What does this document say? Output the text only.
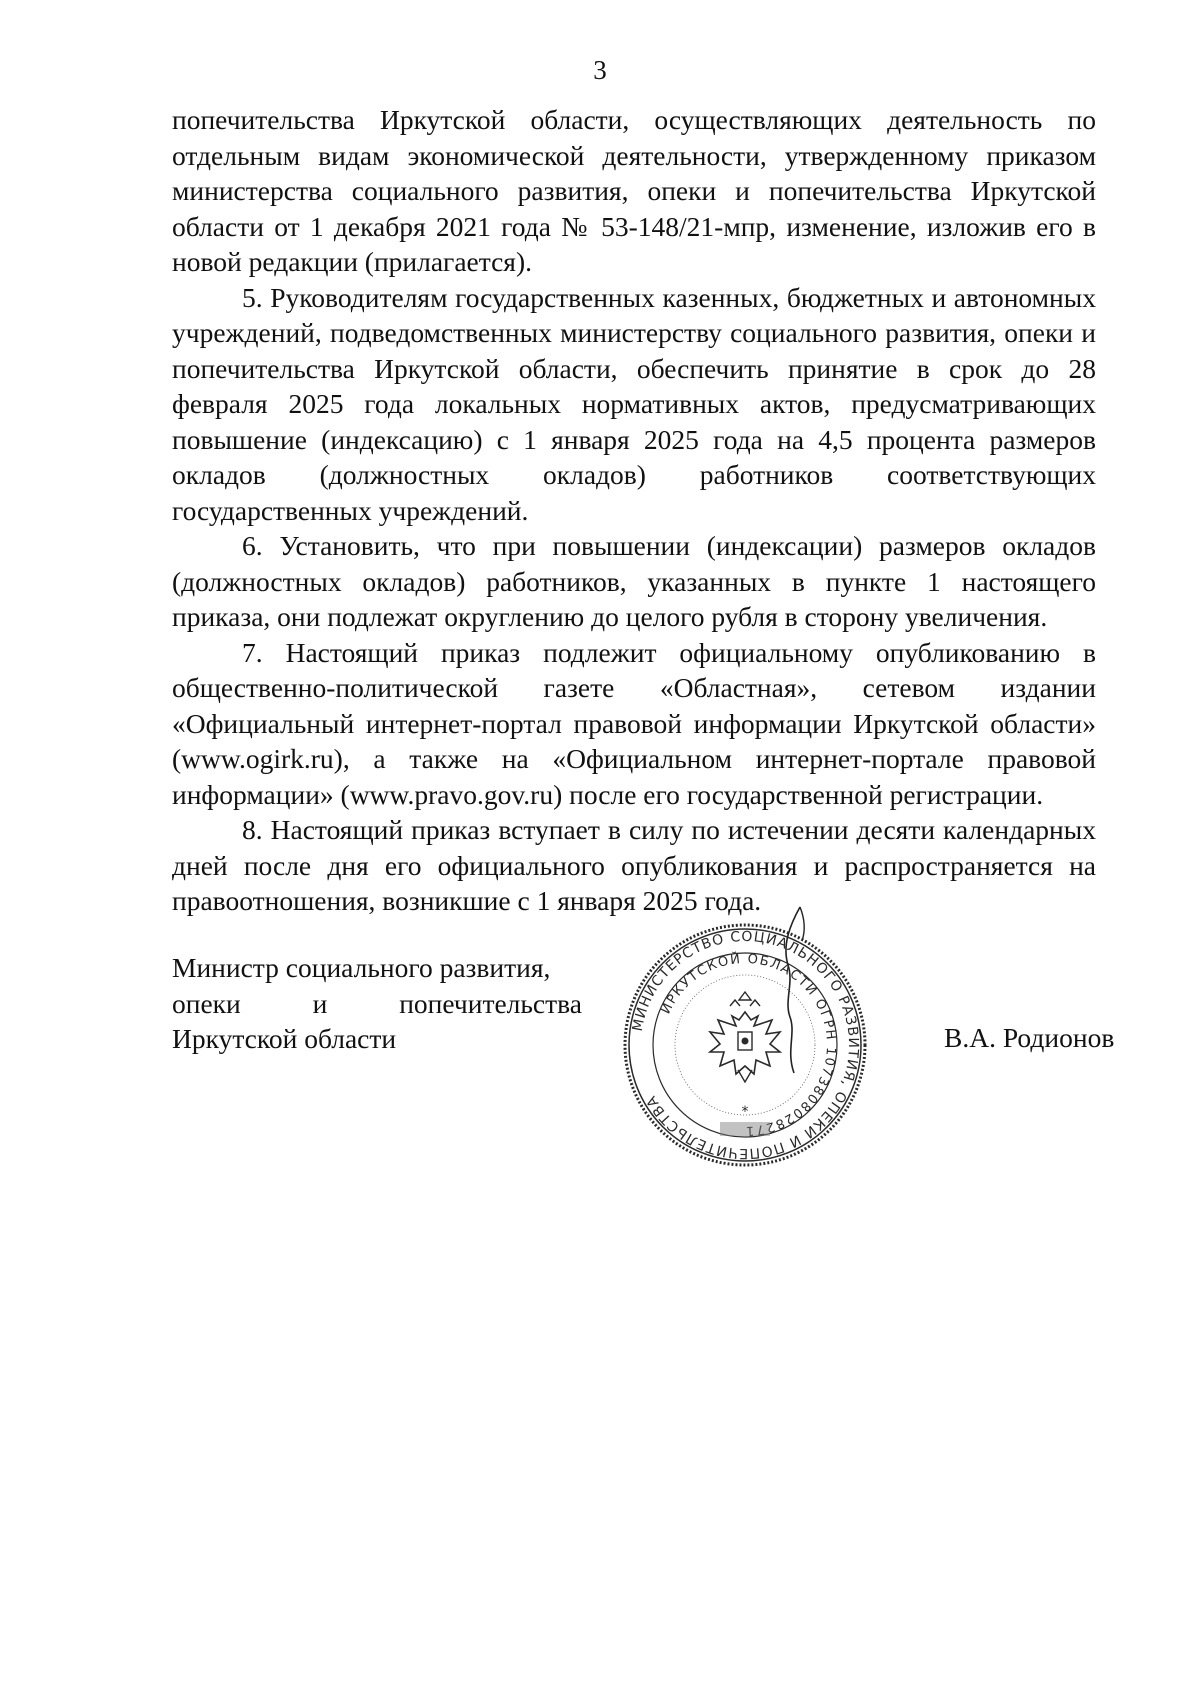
3

попечительства Иркутской области, осуществляющих деятельность по отдельным видам экономической деятельности, утвержденному приказом министерства социального развития, опеки и попечительства Иркутской области от 1 декабря 2021 года № 53-148/21-мпр, изменение, изложив его в новой редакции (прилагается).

5. Руководителям государственных казенных, бюджетных и автономных учреждений, подведомственных министерству социального развития, опеки и попечительства Иркутской области, обеспечить принятие в срок до 28 февраля 2025 года локальных нормативных актов, предусматривающих повышение (индексацию) с 1 января 2025 года на 4,5 процента размеров окладов (должностных окладов) работников соответствующих государственных учреждений.

6. Установить, что при повышении (индексации) размеров окладов (должностных окладов) работников, указанных в пункте 1 настоящего приказа, они подлежат округлению до целого рубля в сторону увеличения.

7. Настоящий приказ подлежит официальному опубликованию в общественно-политической газете «Областная», сетевом издании «Официальный интернет-портал правовой информации Иркутской области» (www.ogirk.ru), а также на «Официальном интернет-портале правовой информации» (www.pravo.gov.ru) после его государственной регистрации.

8. Настоящий приказ вступает в силу по истечении десяти календарных дней после дня его официального опубликования и распространяется на правоотношения, возникшие с 1 января 2025 года.

Министр социального развития,
опеки	и	попечительства
Иркутской области	МИНИСТЕРСТВО СОЦИАЛЬНОГО РАЗВИТИЯ, ОПЕКИ И ПОПЕЧИТЕЛЬСТВА
ИРКУТСКОЙ ОБЛАСТИ ОГРН 1073808028271
*
В.А. Родионов
